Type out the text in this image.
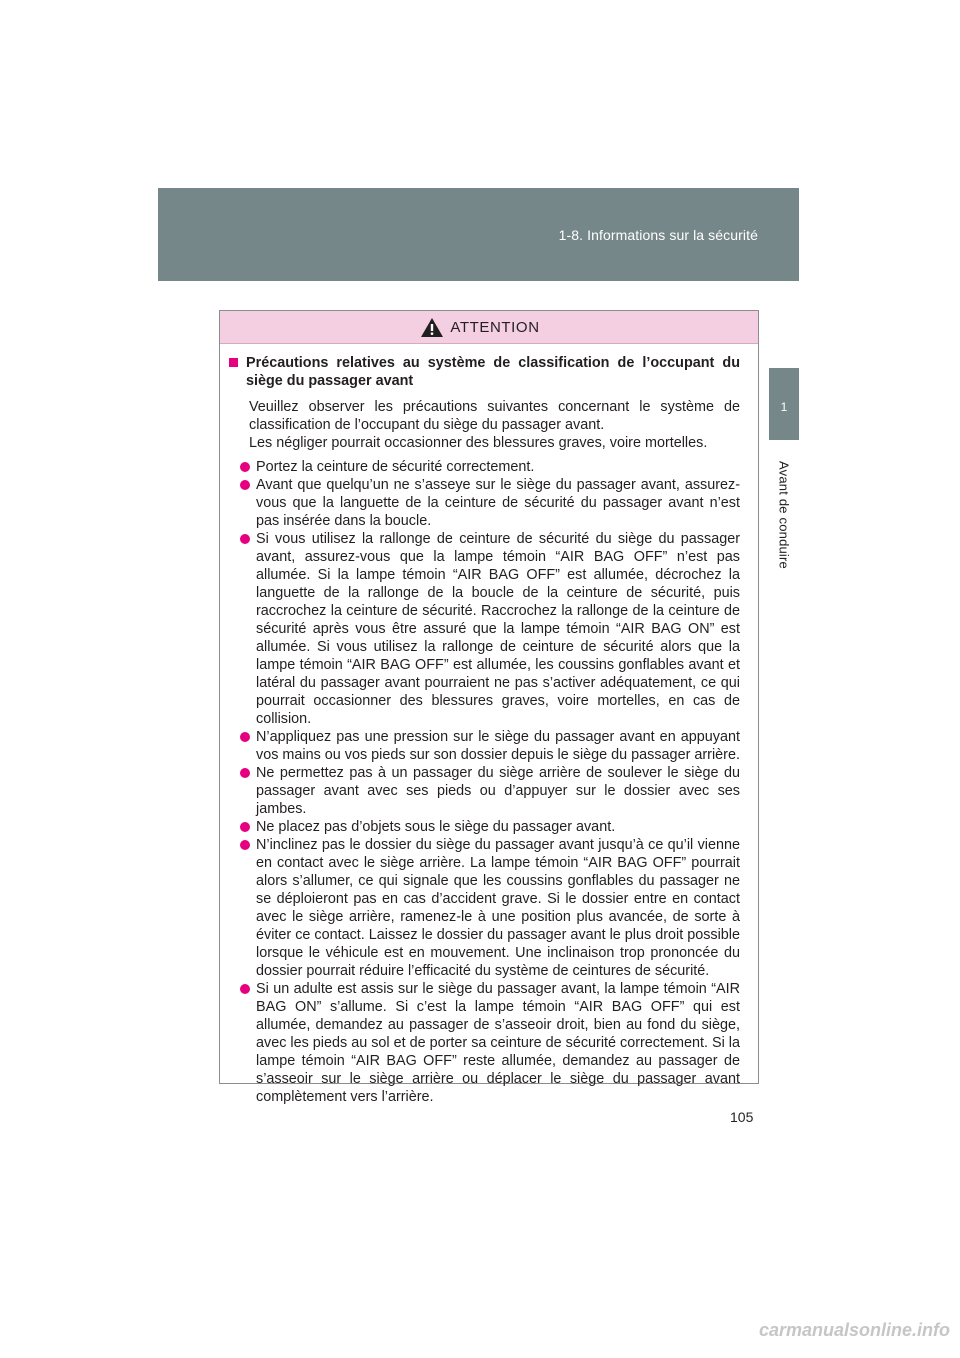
1-8. Informations sur la sécurité
1
Avant de conduire
ATTENTION
Précautions relatives au système de classification de l’occupant du siège du passager avant
Veuillez observer les précautions suivantes concernant le système de classification de l’occupant du siège du passager avant.
Les négliger pourrait occasionner des blessures graves, voire mortelles.
Portez la ceinture de sécurité correctement.
Avant que quelqu’un ne s’asseye sur le siège du passager avant, assurez-vous que la languette de la ceinture de sécurité du passager avant n’est pas insérée dans la boucle.
Si vous utilisez la rallonge de ceinture de sécurité du siège du passager avant, assurez-vous que la lampe témoin “AIR BAG OFF” n’est pas allumée. Si la lampe témoin “AIR BAG OFF” est allumée, décrochez la languette de la rallonge de la boucle de la ceinture de sécurité, puis raccrochez la ceinture de sécurité. Raccrochez la rallonge de la ceinture de sécurité après vous être assuré que la lampe témoin “AIR BAG ON” est allumée. Si vous utilisez la rallonge de ceinture de sécurité alors que la lampe témoin “AIR BAG OFF” est allumée, les coussins gonflables avant et latéral du passager avant pourraient ne pas s’activer adéquatement, ce qui pourrait occasionner des blessures graves, voire mortelles, en cas de collision.
N’appliquez pas une pression sur le siège du passager avant en appuyant vos mains ou vos pieds sur son dossier depuis le siège du passager arrière.
Ne permettez pas à un passager du siège arrière de soulever le siège du passager avant avec ses pieds ou d’appuyer sur le dossier avec ses jambes.
Ne placez pas d’objets sous le siège du passager avant.
N’inclinez pas le dossier du siège du passager avant jusqu’à ce qu’il vienne en contact avec le siège arrière. La lampe témoin “AIR BAG OFF” pourrait alors s’allumer, ce qui signale que les coussins gonflables du passager ne se déploieront pas en cas d’accident grave. Si le dossier entre en contact avec le siège arrière, ramenez-le à une position plus avancée, de sorte à éviter ce contact. Laissez le dossier du passager avant le plus droit possible lorsque le véhicule est en mouvement. Une inclinaison trop prononcée du dossier pourrait réduire l’efficacité du système de ceintures de sécurité.
Si un adulte est assis sur le siège du passager avant, la lampe témoin “AIR BAG ON” s’allume. Si c’est la lampe témoin “AIR BAG OFF” qui est allumée, demandez au passager de s’asseoir droit, bien au fond du siège, avec les pieds au sol et de porter sa ceinture de sécurité correctement. Si la lampe témoin “AIR BAG OFF” reste allumée, demandez au passager de s’asseoir sur le siège arrière ou déplacer le siège du passager avant complètement vers l’arrière.
105
carmanualsonline.info
